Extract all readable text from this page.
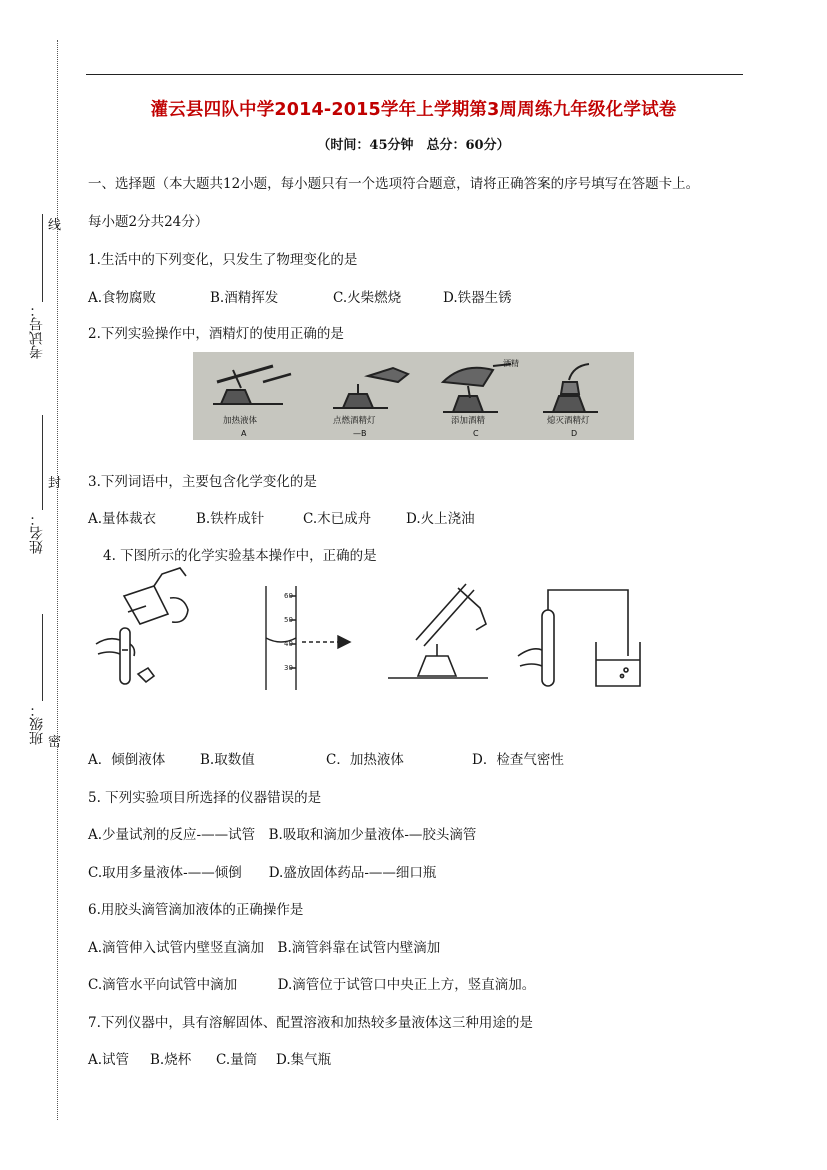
线
封
密
考试号：
姓名：
班级：
灌云县四队中学2014-2015学年上学期第3周周练九年级化学试卷
（时间：45分钟　总分：60分）
一、选择题（本大题共12小题，每小题只有一个选项符合题意，请将正确答案的序号填写在答题卡上。
每小题2分共24分）
1.生活中的下列变化，只发生了物理变化的是
A.食物腐败	B.酒精挥发	C.火柴燃烧	D.铁器生锈
2.下列实验操作中，酒精灯的使用正确的是
酒精
加热液体	点燃酒精灯	添加酒精	熄灭酒精灯
A	—B	C	D
3.下列词语中，主要包含化学变化的是
A.量体裁衣	B.铁杵成针	C.木已成舟	D.火上浇油
4. 下图所示的化学实验基本操作中，正确的是
60
50
40
30
A．倾倒液体	B.取数值	C．加热液体	D．检查气密性
5. 下列实验项目所选择的仪器错误的是
A.少量试剂的反应-——试管　B.吸取和滴加少量液体-—胶头滴管
C.取用多量液体-——倾倒　　D.盛放固体药品-——细口瓶
6.用胶头滴管滴加液体的正确操作是
A.滴管伸入试管内壁竖直滴加　B.滴管斜靠在试管内壁滴加
C.滴管水平向试管中滴加　　　D.滴管位于试管口中央正上方，竖直滴加。
7.下列仪器中，具有溶解固体、配置溶液和加热较多量液体这三种用途的是
A.试管 B.烧杯 C.量筒 D.集气瓶
